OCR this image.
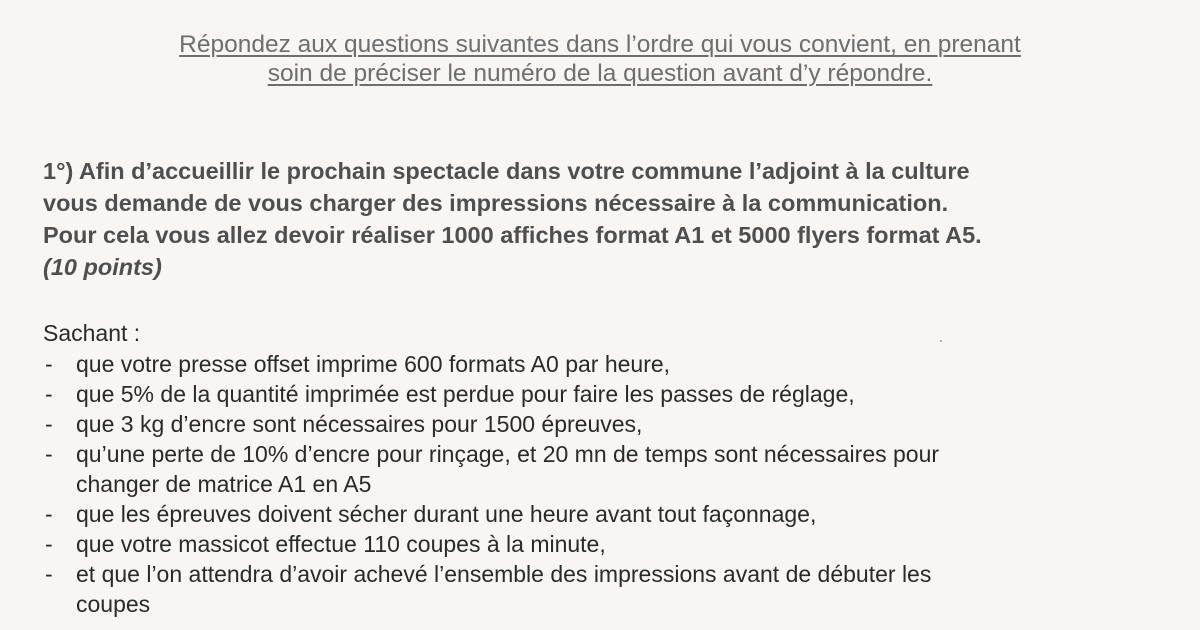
Répondez aux questions suivantes dans l’ordre qui vous convient, en prenant
soin de préciser le numéro de la question avant d’y répondre.
1°) Afin d’accueillir le prochain spectacle dans votre commune l’adjoint à la culture
vous demande de vous charger des impressions nécessaire à la communication.
Pour cela vous allez devoir réaliser 1000 affiches format A1 et 5000 flyers format A5.
(10 points)
Sachant :
- que votre presse offset imprime 600 formats A0 par heure,
- que 5% de la quantité imprimée est perdue pour faire les passes de réglage,
- que 3 kg d’encre sont nécessaires pour 1500 épreuves,
- qu’une perte de 10% d’encre pour rinçage, et 20 mn de temps sont nécessaires pour
changer de matrice A1 en A5
- que les épreuves doivent sécher durant une heure avant tout façonnage,
- que votre massicot effectue 110 coupes à la minute,
- et que l’on attendra d’avoir achevé l’ensemble des impressions avant de débuter les
coupes
